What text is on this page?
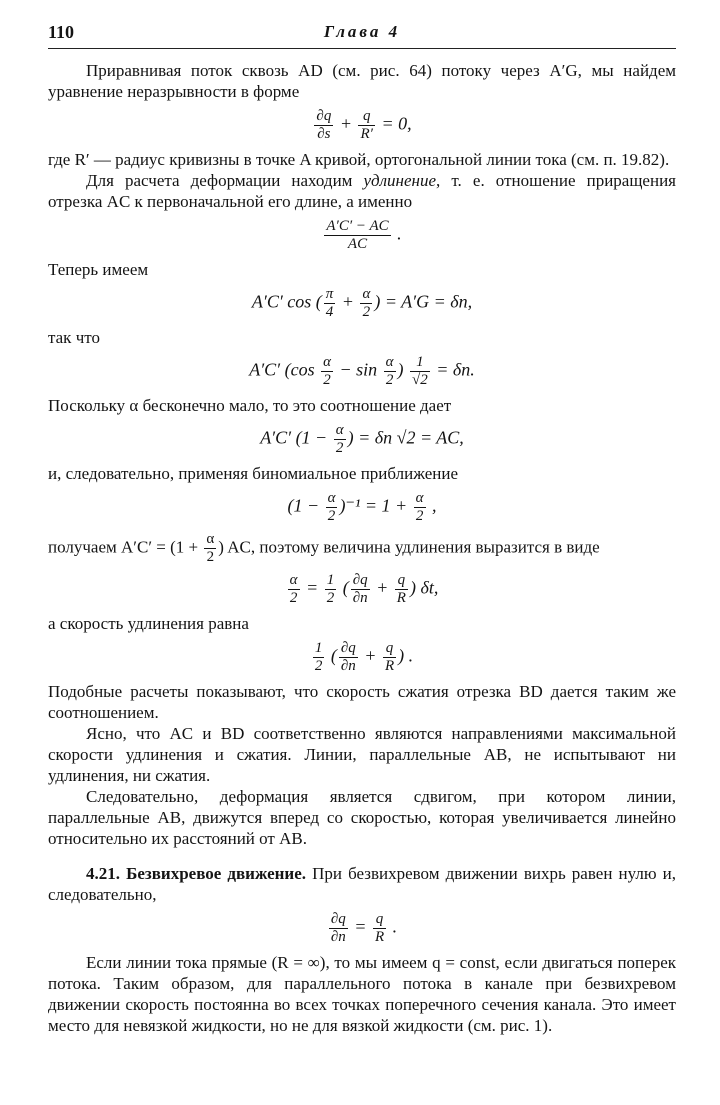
110	Глава 4

Приравнивая поток сквозь AD (см. рис. 64) потоку через A′G, мы найдем уравнение неразрывности в форме

$\frac{\partial q}{\partial s} + \frac{q}{R'} = 0$,

где R′ — радиус кривизны в точке A кривой, ортогональной линии тока (см. п. 19.82).

Для расчета деформации находим удлинение, т. е. отношение приращения отрезка AC к первоначальной его длине, а именно

$\frac{A'C' - AC}{AC}$ .

Теперь имеем

A′C′ cos ( $\frac{\pi}{4} + \frac{\alpha}{2}$ ) = A′G = δn,

так что

A′C′ ($\cos \frac{\alpha}{2} - \sin \frac{\alpha}{2}$ ) $\frac{1}{√2} = \delta n$.

Поскольку α бесконечно мало, то это соотношение дает

A′C′ ($1 - \frac{\alpha}{2}$ ) = δn √2 = AC,

и, следовательно, применяя биномиальное приближение

$(1 - \frac{\alpha}{2} )^{-1} = 1 + \frac{\alpha}{2}$ ,

получаем $A'C' = (1 + \frac{\alpha}{2}$ ) AC, поэтому величина удлинения выразится в виде

$\frac{\alpha}{2} = \frac{1}{2}$ ( $\frac{\partial q}{\partial n} + \frac{q}{R}$ ) δt,

а скорость удлинения равна

$\frac{1}{2}$ ( $\frac{\partial q}{\partial n} + \frac{q}{R}$ ) .

Подобные расчеты показывают, что скорость сжатия отрезка BD дается таким же соотношением.

Ясно, что AC и BD соответственно являются направлениями максимальной скорости удлинения и сжатия. Линии, параллельные AB, не испытывают ни удлинения, ни сжатия.

Следовательно, деформация является сдвигом, при котором линии, параллельные AB, движутся вперед со скоростью, которая увеличивается линейно относительно их расстояний от AB.

4.21. Безвихревое движение. При безвихревом движении вихрь равен нулю и, следовательно,

$\frac{\partial q}{\partial n} = \frac{q}{R}$ .

Если линии тока прямые (R = ∞), то мы имеем q = const, если двигаться поперек потока. Таким образом, для параллельного потока в канале при безвихревом движении скорость постоянна во всех точках поперечного сечения канала. Это имеет место для невязкой жидкости, но не для вязкой жидкости (см. рис. 1).
